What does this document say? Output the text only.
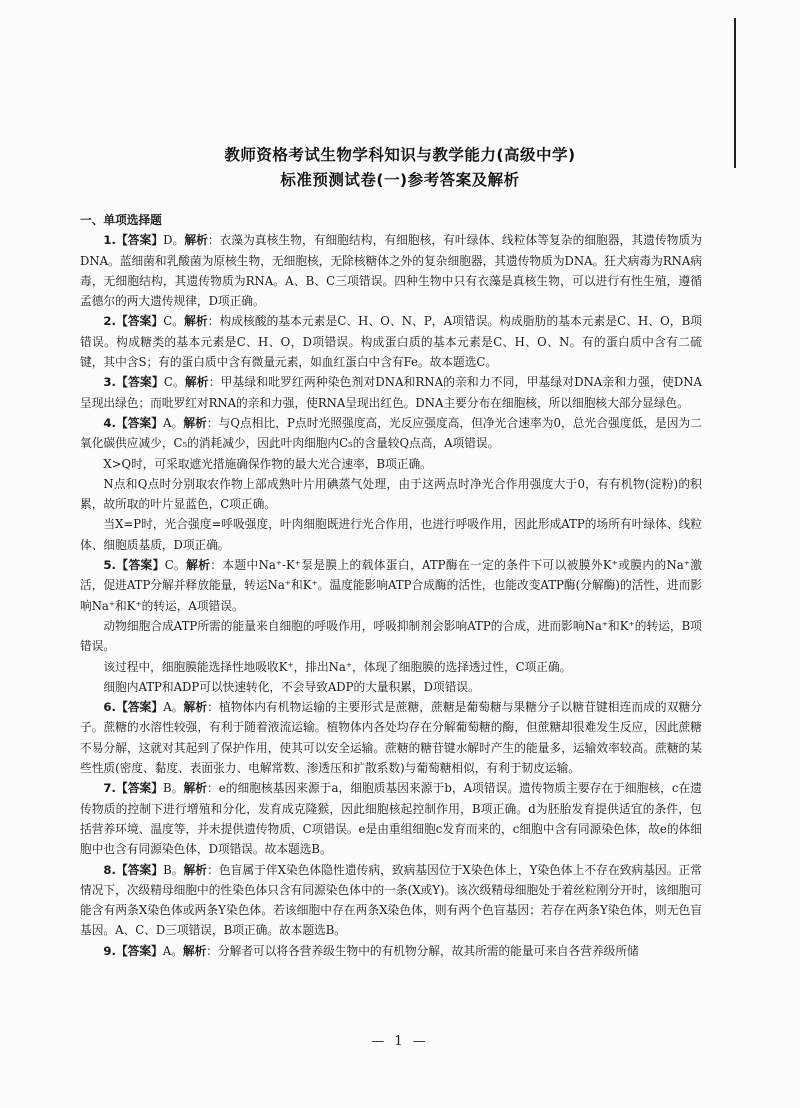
教师资格考试生物学科知识与教学能力(高级中学)
标准预测试卷(一)参考答案及解析

一、单项选择题

1.【答案】D。解析：衣藻为真核生物，有细胞结构，有细胞核，有叶绿体、线粒体等复杂的细胞器，其遗传物质为DNA。蓝细菌和乳酸菌为原核生物，无细胞核，无除核糖体之外的复杂细胞器，其遗传物质为DNA。狂犬病毒为RNA病毒，无细胞结构，其遗传物质为RNA。A、B、C三项错误。四种生物中只有衣藻是真核生物，可以进行有性生殖，遵循孟德尔的两大遗传规律，D项正确。

2.【答案】C。解析：构成核酸的基本元素是C、H、O、N、P，A项错误。构成脂肪的基本元素是C、H、O，B项错误。构成糖类的基本元素是C、H、O，D项错误。构成蛋白质的基本元素是C、H、O、N。有的蛋白质中含有二硫键，其中含S；有的蛋白质中含有微量元素，如血红蛋白中含有Fe。故本题选C。

3.【答案】C。解析：甲基绿和吡罗红两种染色剂对DNA和RNA的亲和力不同，甲基绿对DNA亲和力强，使DNA呈现出绿色；而吡罗红对RNA的亲和力强，使RNA呈现出红色。DNA主要分布在细胞核，所以细胞核大部分显绿色。

4.【答案】A。解析：与Q点相比，P点时光照强度高，光反应强度高，但净光合速率为0，总光合强度低，是因为二氧化碳供应减少，C₅的消耗减少，因此叶肉细胞内C₅的含量较Q点高，A项错误。

X>Q时，可采取遮光措施确保作物的最大光合速率，B项正确。

N点和Q点时分别取农作物上部成熟叶片用碘蒸气处理，由于这两点时净光合作用强度大于0，有有机物(淀粉)的积累，故所取的叶片显蓝色，C项正确。

当X=P时，光合强度=呼吸强度，叶肉细胞既进行光合作用，也进行呼吸作用，因此形成ATP的场所有叶绿体、线粒体、细胞质基质，D项正确。

5.【答案】C。解析：本题中Na⁺-K⁺泵是膜上的载体蛋白，ATP酶在一定的条件下可以被膜外K⁺或膜内的Na⁺激活，促进ATP分解并释放能量，转运Na⁺和K⁺。温度能影响ATP合成酶的活性，也能改变ATP酶(分解酶)的活性，进而影响Na⁺和K⁺的转运，A项错误。

动物细胞合成ATP所需的能量来自细胞的呼吸作用，呼吸抑制剂会影响ATP的合成，进而影响Na⁺和K⁺的转运，B项错误。

该过程中，细胞膜能选择性地吸收K⁺，排出Na⁺，体现了细胞膜的选择透过性，C项正确。

细胞内ATP和ADP可以快速转化，不会导致ADP的大量积累，D项错误。

6.【答案】A。解析：植物体内有机物运输的主要形式是蔗糖，蔗糖是葡萄糖与果糖分子以糖苷键相连而成的双糖分子。蔗糖的水溶性较强，有利于随着液流运输。植物体内各处均存在分解葡萄糖的酶，但蔗糖却很难发生反应，因此蔗糖不易分解，这就对其起到了保护作用，使其可以安全运输。蔗糖的糖苷键水解时产生的能量多，运输效率较高。蔗糖的某些性质(密度、黏度、表面张力、电解常数、渗透压和扩散系数)与葡萄糖相似，有利于韧皮运输。

7.【答案】B。解析：e的细胞核基因来源于a，细胞质基因来源于b，A项错误。遗传物质主要存在于细胞核，c在遗传物质的控制下进行增殖和分化，发育成克隆猴，因此细胞核起控制作用，B项正确。d为胚胎发育提供适宜的条件，包括营养环境、温度等，并未提供遗传物质，C项错误。e是由重组细胞c发育而来的，c细胞中含有同源染色体，故e的体细胞中也含有同源染色体，D项错误。故本题选B。

8.【答案】B。解析：色盲属于伴X染色体隐性遗传病，致病基因位于X染色体上，Y染色体上不存在致病基因。正常情况下，次级精母细胞中的性染色体只含有同源染色体中的一条(X或Y)。该次级精母细胞处于着丝粒刚分开时，该细胞可能含有两条X染色体或两条Y染色体。若该细胞中存在两条X染色体，则有两个色盲基因；若存在两条Y染色体，则无色盲基因。A、C、D三项错误，B项正确。故本题选B。

9.【答案】A。解析：分解者可以将各营养级生物中的有机物分解，故其所需的能量可来自各营养级所储

— 1 —
